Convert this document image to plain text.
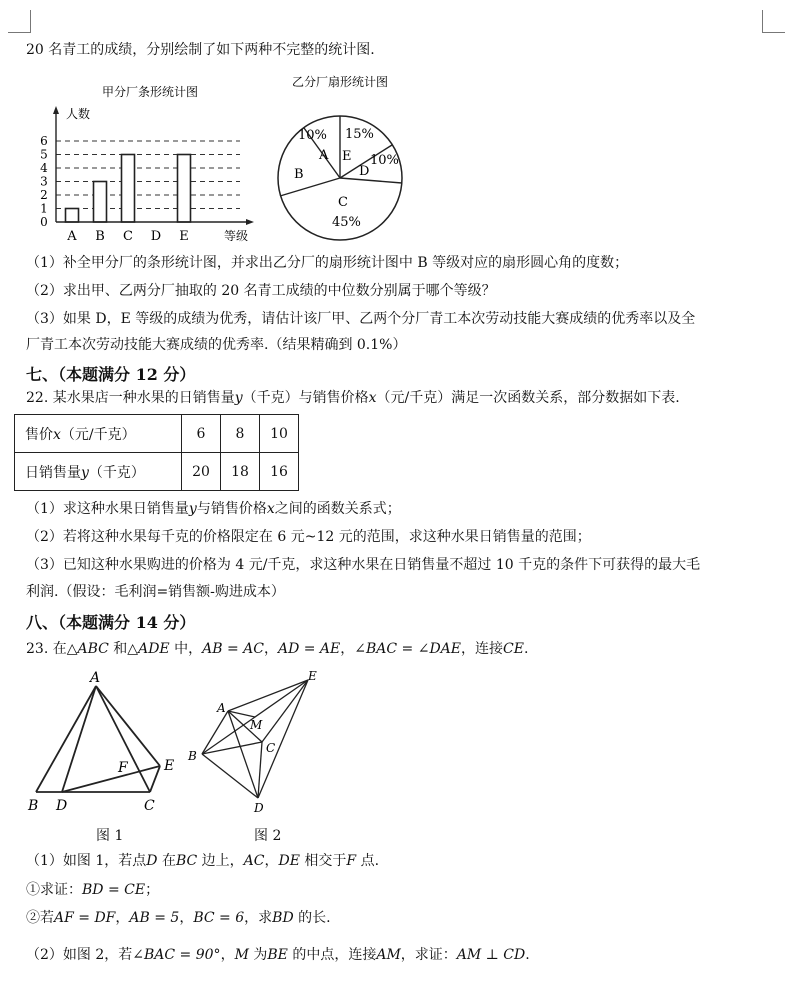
20 名青工的成绩，分别绘制了如下两种不完整的统计图.
甲分厂条形统计图
人数
0
1
2
3
4
5
6
A B C D E	等级
乙分厂扇形统计图
10%
A
15%
E 10%
D
B
C
45%
（1）补全甲分厂的条形统计图，并求出乙分厂的扇形统计图中 B 等级对应的扇形圆心角的度数；
（2）求出甲、乙两分厂抽取的 20 名青工成绩的中位数分别属于哪个等级？
（3）如果 D，E 等级的成绩为优秀，请估计该厂甲、乙两个分厂青工本次劳动技能大赛成绩的优秀率以及全
厂青工本次劳动技能大赛成绩的优秀率.（结果精确到 0.1%）
七、（本题满分 12 分）
22. 某水果店一种水果的日销售量y（千克）与销售价格x（元/千克）满足一次函数关系，部分数据如下表.
售价x（元/千克）	6	8	10
日销售量y（千克）	20	18	16
（1）求这种水果日销售量y与销售价格x之间的函数关系式；
（2）若将这种水果每千克的价格限定在 6 元~12 元的范围，求这种水果日销售量的范围；
（3）已知这种水果购进的价格为 4 元/千克，求这种水果在日销售量不超过 10 千克的条件下可获得的最大毛
利润.（假设：毛利润=销售额-购进成本）
八、（本题满分 14 分）
23. 在△ABC 和△ADE 中，AB = AC，AD = AE，∠BAC = ∠DAE，连接CE.
A
B D	C
E
F
A
B
C
D
E
M
图 1	图 2
（1）如图 1，若点D 在BC 边上，AC，DE 相交于F 点.
①求证：BD = CE；
②若AF = DF，AB = 5，BC = 6，求BD 的长.
（2）如图 2，若∠BAC = 90°，M 为BE 的中点，连接AM，求证：AM ⊥ CD.
